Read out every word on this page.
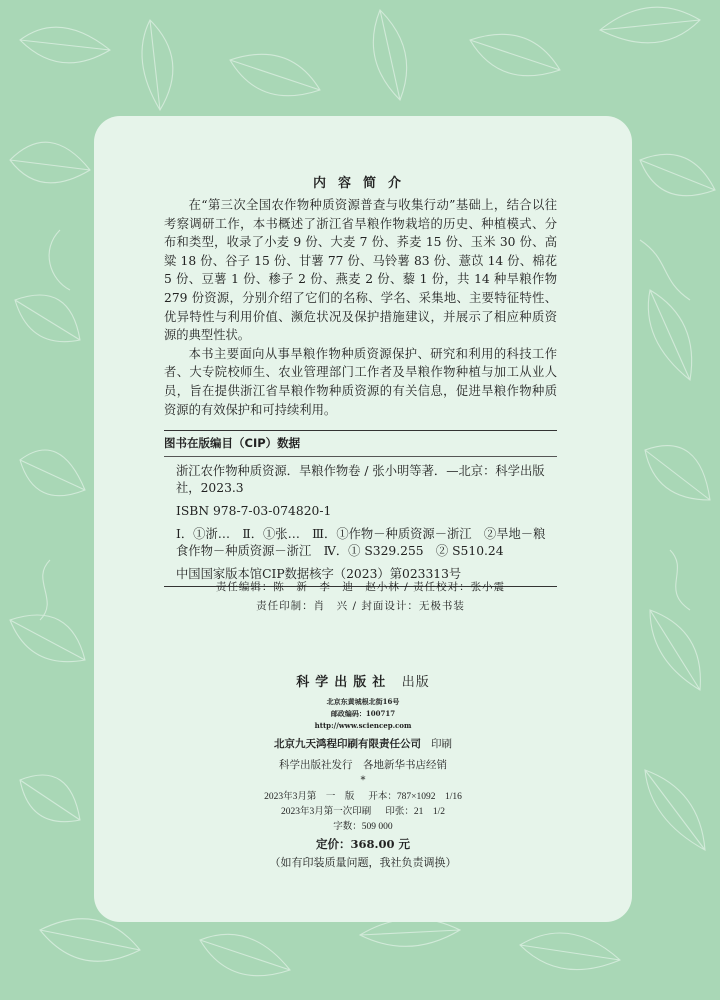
内容简介

在“第三次全国农作物种质资源普查与收集行动”基础上，结合以往考察调研工作，本书概述了浙江省旱粮作物栽培的历史、种植模式、分布和类型，收录了小麦 9 份、大麦 7 份、荞麦 15 份、玉米 30 份、高粱 18 份、谷子 15 份、甘薯 77 份、马铃薯 83 份、薏苡 14 份、棉花 5 份、豆薯 1 份、䅟子 2 份、燕麦 2 份、藜 1 份，共 14 种旱粮作物 279 份资源，分别介绍了它们的名称、学名、采集地、主要特征特性、优异特性与利用价值、濒危状况及保护措施建议，并展示了相应种质资源的典型性状。

本书主要面向从事旱粮作物种质资源保护、研究和利用的科技工作者、大专院校师生、农业管理部门工作者及旱粮作物种植与加工从业人员，旨在提供浙江省旱粮作物种质资源的有关信息，促进旱粮作物种质资源的有效保护和可持续利用。

图书在版编目（CIP）数据
浙江农作物种质资源．旱粮作物卷 / 张小明等著．—北京：科学出版社，2023.3
ISBN 978-7-03-074820-1
Ⅰ．①浙…　Ⅱ．①张…　Ⅲ．①作物－种质资源－浙江　②旱地－粮食作物－种质资源－浙江　Ⅳ．① S329.255　② S510.24
中国国家版本馆CIP数据核字（2023）第023313号
责任编辑：陈　新　李　迪　赵小林 / 责任校对：张小震
责任印制：肖　兴 / 封面设计：无极书装
科学出版社 出版
北京东黄城根北街16号
邮政编码：100717
http://www.sciencep.com
北京九天鸿程印刷有限责任公司 印刷
科学出版社发行　各地新华书店经销
*
2023年3月第　一　版 开本：787×1092　1/16
2023年3月第一次印刷 印张：21　1/2
字数：509 000
定价：368.00 元
（如有印装质量问题，我社负责调换）
